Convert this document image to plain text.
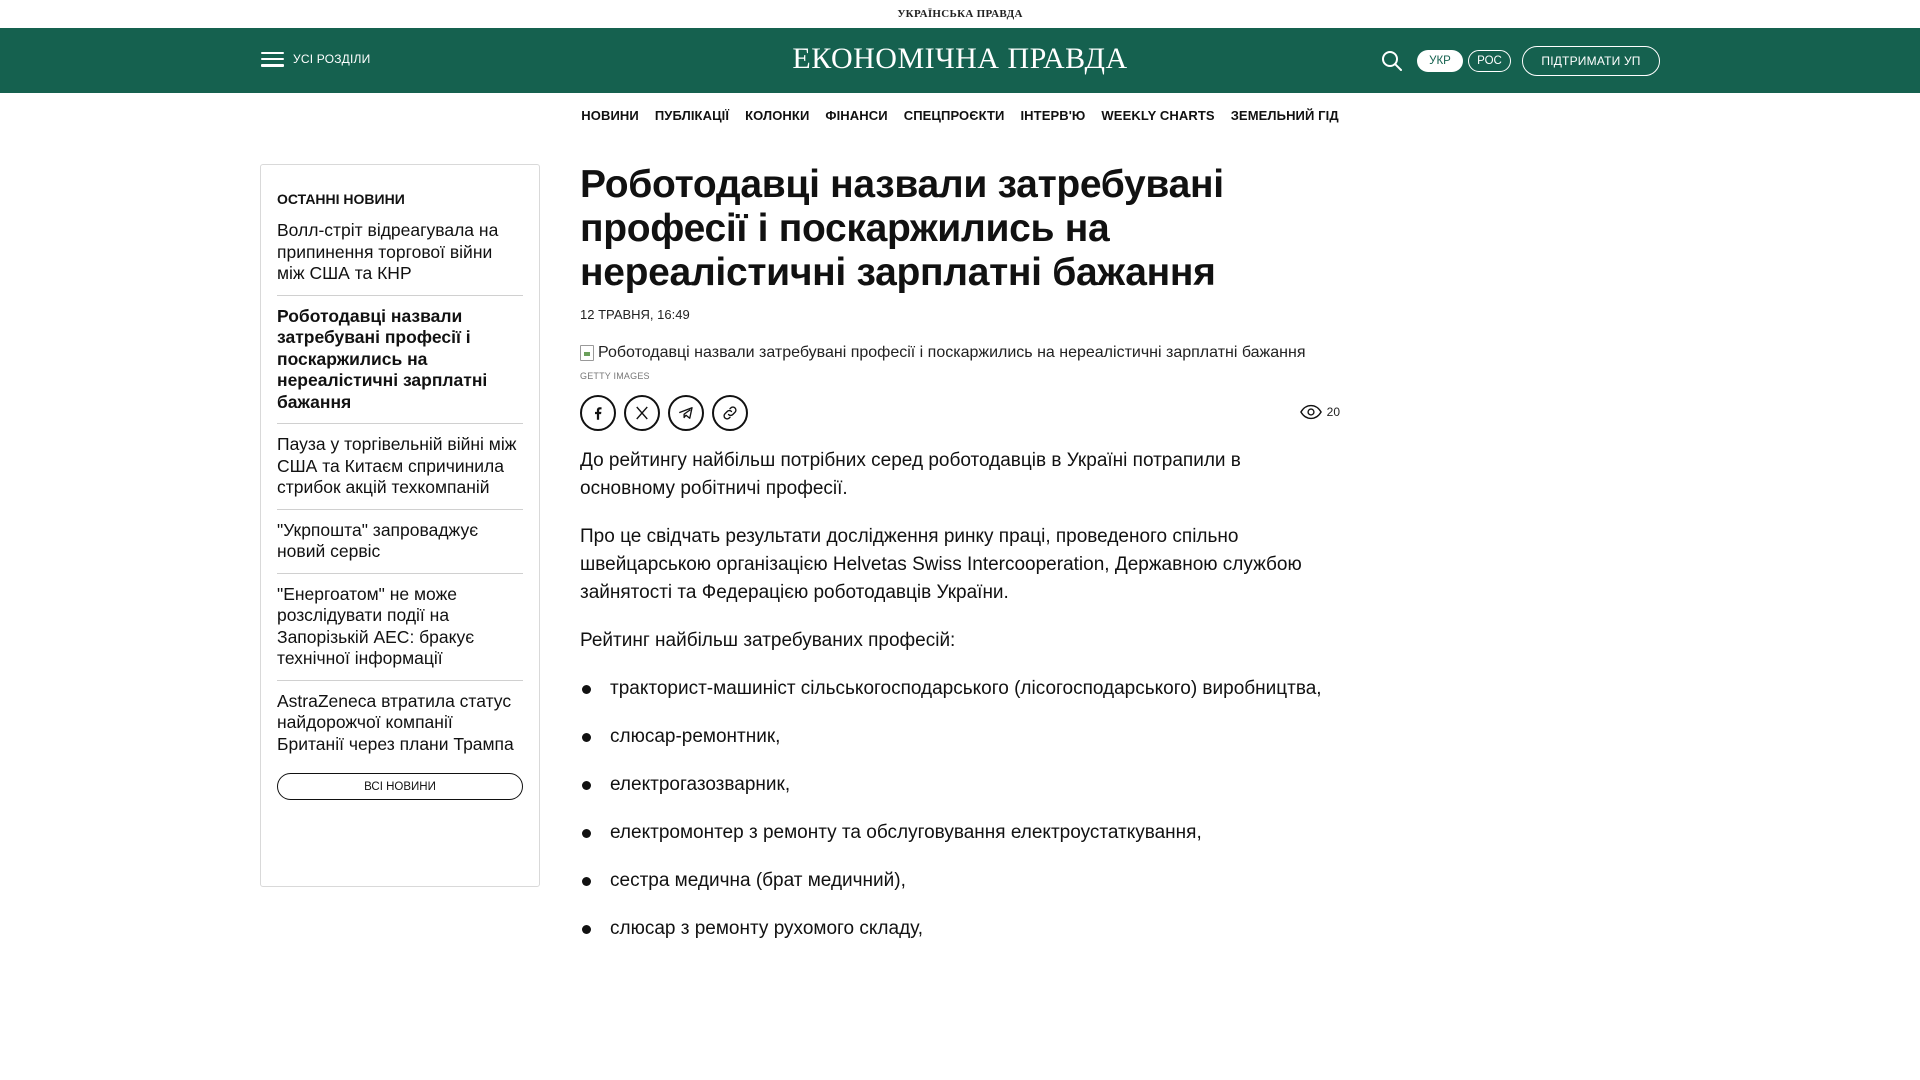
УКРАЇНСЬКА ПРАВДА
УСІ РОЗДІЛИ	ЕКОНОМІЧНА ПРАВДА	УКР	РОС	ПІДТРИМАТИ УП
НОВИНИ ПУБЛІКАЦІЇ КОЛОНКИ ФІНАНСИ СПЕЦПРОЄКТИ ІНТЕРВ'Ю WEEKLY CHARTS ЗЕМЕЛЬНИЙ ГІД
ОСТАННІ НОВИНИ
Волл-стріт відреагувала на припинення торгової війни між США та КНР
Роботодавці назвали затребувані професії і поскаржились на нереалістичні зарплатні бажання
Пауза у торгівельній війні між США та Китаєм спричинила стрибок акцій техкомпаній
"Укрпошта" запроваджує новий сервіс
"Енергоатом" не може розслідувати події на Запорізькій АЕС: бракує технічної інформації
AstraZeneca втратила статус найдорожчої компанії Британії через плани Трампа
ВСІ НОВИНИ
Роботодавці назвали затребувані професії і поскаржились на нереалістичні зарплатні бажання
12 ТРАВНЯ, 16:49
Роботодавці назвали затребувані професії і поскаржились на нереалістичні зарплатні бажання
GETTY IMAGES
20

До рейтингу найбільш потрібних серед роботодавців в Україні потрапили в основному робітничі професії.

Про це свідчать результати дослідження ринку праці, проведеного спільно швейцарською організацією Helvetas Swiss Intercooperation, Державною службою зайнятості та Федерацією роботодавців України.

Рейтинг найбільш затребуваних професій:

тракторист-машиніст сільськогосподарського (лісогосподарського) виробництва,
слюсар-ремонтник,
електрогазозварник,
електромонтер з ремонту та обслуговування електроустаткування,
сестра медична (брат медичний),
слюсар з ремонту рухомого складу,
